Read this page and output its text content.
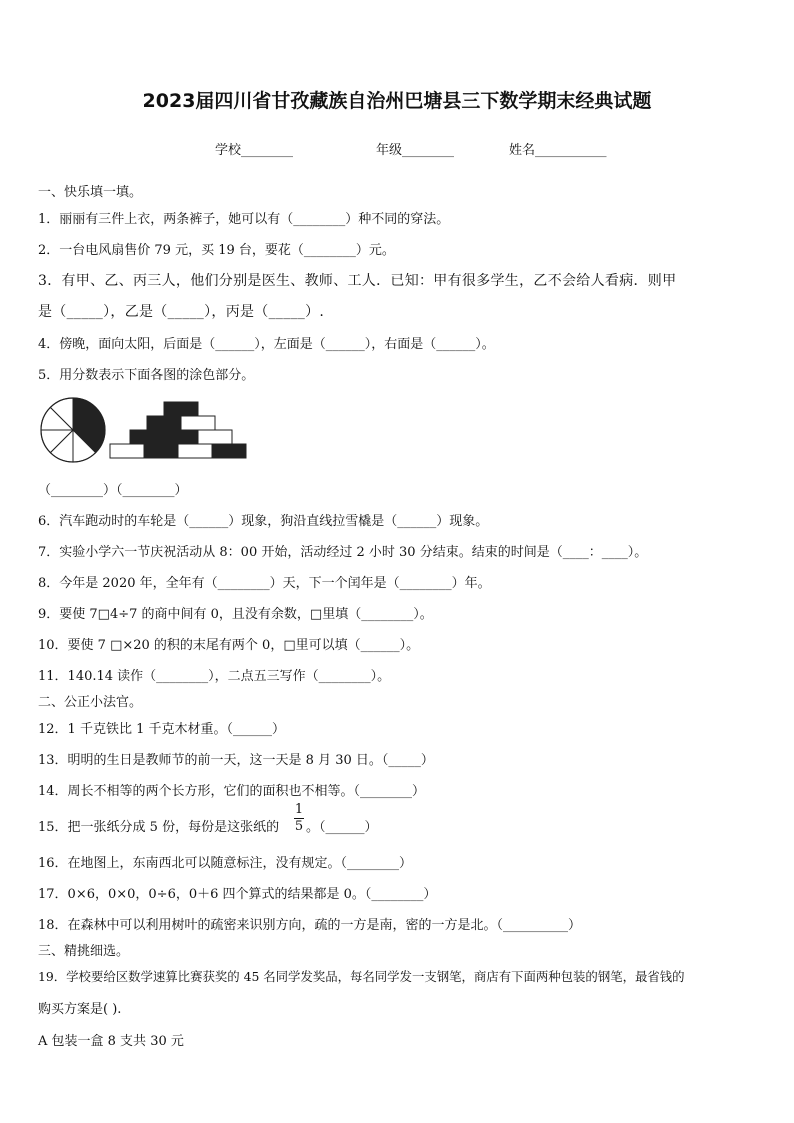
2023届四川省甘孜藏族自治州巴塘县三下数学期末经典试题
学校________	年级________	姓名___________
一、快乐填一填。
1．丽丽有三件上衣，两条裤子，她可以有（________）种不同的穿法。
2．一台电风扇售价 79 元，买 19 台，要花（________）元。
3．有甲、乙、丙三人，他们分别是医生、教师、工人．已知：甲有很多学生，乙不会给人看病．则甲
是（_____），乙是（_____），丙是（_____）.
4．傍晚，面向太阳，后面是（______），左面是（______），右面是（______）。
5．用分数表示下面各图的涂色部分。
（________）（________）
6．汽车跑动时的车轮是（______）现象，狗沿直线拉雪橇是（______）现象。
7．实验小学六一节庆祝活动从 8：00 开始，活动经过 2 小时 30 分结束。结束的时间是（____：____）。
8．今年是 2020 年，全年有（________）天，下一个闰年是（________）年。
9．要使 7□4÷7 的商中间有 0，且没有余数，□里填（________）。
10．要使 7 □×20 的积的末尾有两个 0，□里可以填（______）。
11．140.14 读作（________），二点五三写作（________）。
二、公正小法官。
12．1 千克铁比 1 千克木材重。（______）
13．明明的生日是教师节的前一天，这一天是 8 月 30 日。（_____）
14．周长不相等的两个长方形，它们的面积也不相等。（________）
15．把一张纸分成 5 份，每份是这张纸的
1
5 。（______）
16．在地图上，东南西北可以随意标注，没有规定。（________）
17．0×6，0×0，0÷6，0＋6 四个算式的结果都是 0。（________）
18．在森林中可以利用树叶的疏密来识别方向，疏的一方是南，密的一方是北。（__________）
三、精挑细选。
19．学校要给区数学速算比赛获奖的 45 名同学发奖品，每名同学发一支钢笔，商店有下面两种包装的钢笔，最省钱的
购买方案是( ).
A 包装一盒 8 支共 30 元
